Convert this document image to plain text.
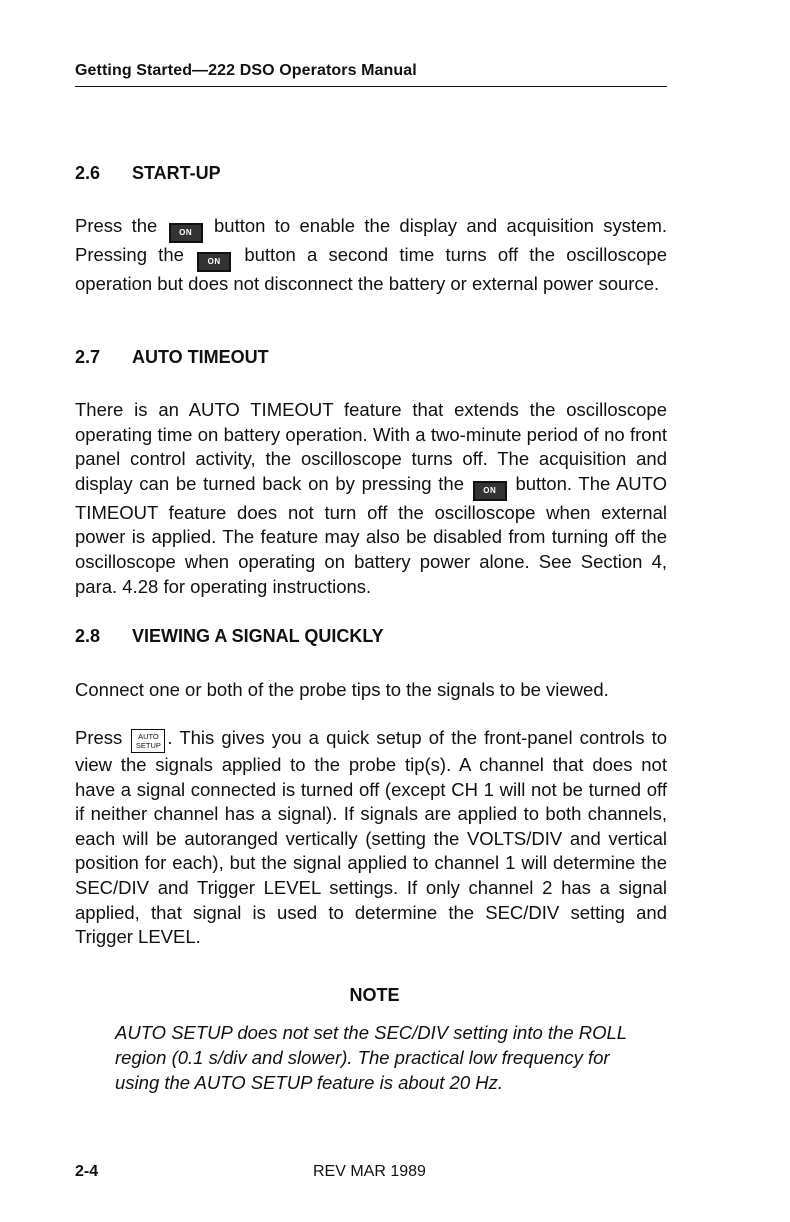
Getting Started—222 DSO Operators Manual
2.6	START-UP

Press the	ON button to enable the display and acquisition system. Pressing the	ON button a second time turns off the oscilloscope operation but does not disconnect the battery or external power source.

2.7	AUTO TIMEOUT

There is an AUTO TIMEOUT feature that extends the oscilloscope operating time on battery operation. With a two-minute period of no front panel control activity, the oscilloscope turns off. The acquisition and display can be turned back on by pressing the ON button. The AUTO TIMEOUT feature does not turn off the oscilloscope when external power is applied. The feature may also be disabled from turning off the oscilloscope when operating on battery power alone. See Section 4, para. 4.28 for operating instructions.

2.8	VIEWING A SIGNAL QUICKLY

Connect one or both of the probe tips to the signals to be viewed.

Press	AUTO
SETUP . This gives you a quick setup of the front-panel controls to view the signals applied to the probe tip(s). A channel that does not have a signal connected is turned off (except CH 1 will not be turned off if neither channel has a signal). If signals are applied to both channels, each will be autoranged vertically (setting the VOLTS/DIV and vertical position for each), but the signal applied to channel 1 will determine the SEC/DIV and Trigger LEVEL settings. If only channel 2 has a signal applied, that signal is used to determine the SEC/DIV setting and Trigger LEVEL.

NOTE
AUTO SETUP does not set the SEC/DIV setting into the ROLL region (0.1 s/div and slower). The practical low frequency for using the AUTO SETUP feature is about 20 Hz.
2-4	REV MAR 1989
